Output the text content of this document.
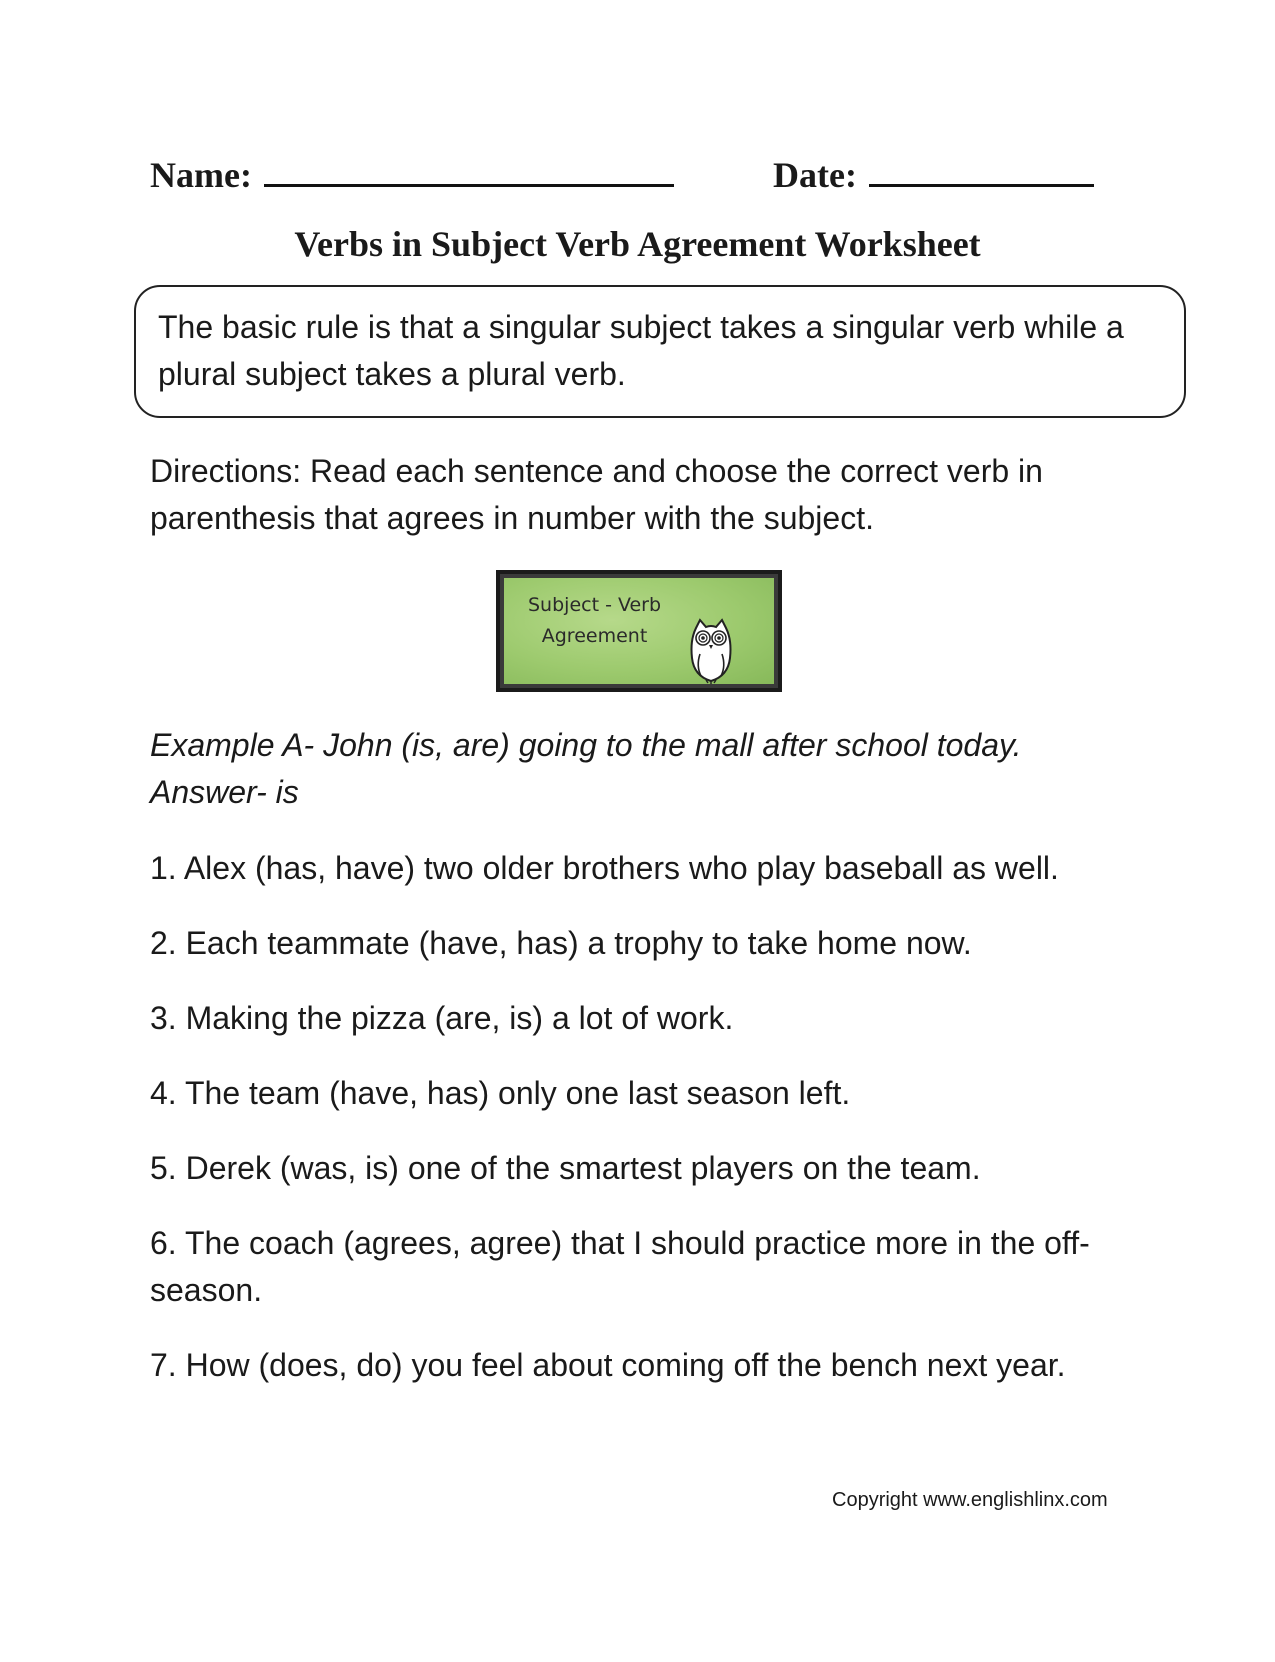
Name:	Date:
Verbs in Subject Verb Agreement Worksheet
The basic rule is that a singular subject takes a singular verb while a plural subject takes a plural verb.
Directions: Read each sentence and choose the correct verb in parenthesis that agrees in number with the subject.
Subject - Verb
Agreement
Example A- John (is, are) going to the mall after school today.
Answer- is
1. Alex (has, have) two older brothers who play baseball as well.
2. Each teammate (have, has) a trophy to take home now.
3. Making the pizza (are, is) a lot of work.
4. The team (have, has) only one last season left.
5. Derek (was, is) one of the smartest players on the team.
6. The coach (agrees, agree) that I should practice more in the off-season.
7. How (does, do) you feel about coming off the bench next year.
Copyright www.englishlinx.com
